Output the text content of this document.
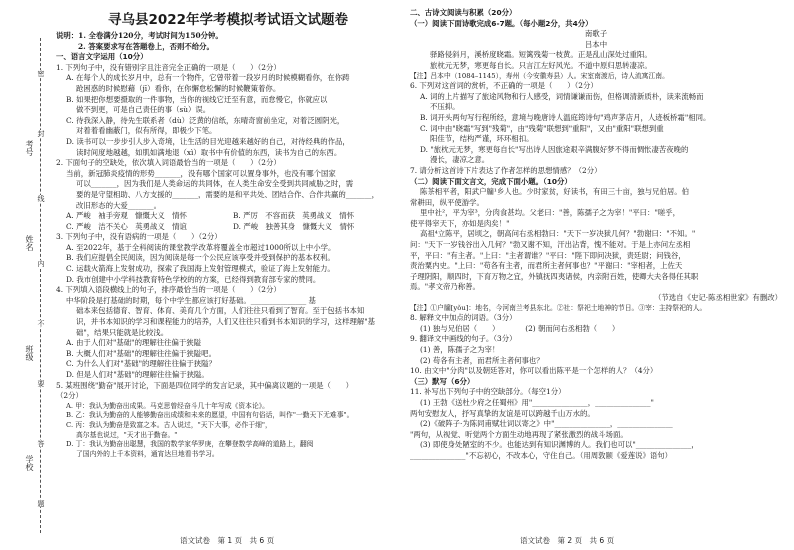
考号
姓名
班级
学校
密
封
线
内
不
要
答
题
寻乌县2022年学考模拟考试语文试题卷

说明：1. 全卷满分120分，考试时间为150分钟。

2. 答案要求写在答题卷上，否则不给分。

一、语言文字运用（10分）

1. 下列句子中，没有错别字且注音完全正确的一项是（　　）（2分）

A. 在每个人的成长岁月中，总有一个物件，它曾带着一段岁月的时候模糊看你，在你踌

跄困惑的时候慰藉（jī）看你，在你懈怠松懈的时候鞭策着你。

B. 如果把你想要摄取的一件事物，当你的视线它迁至有意，而怠慢它，你就应以

做不到更，可是自己责任的事（sù）误。

C. 待我深入静，待先生联系者（dù）泛黄的信纸，东晴奇窗前坐定，对着泛圆阴光，

对着着看幽蔽门，似有所得，即极少下笔。

D. 读书可以一步步引人步入奇境，让生活的目光迎越来越好的自己，对待经典的作品，

读时间度地越越，如肌如满地退（xì）取书中有价值的东西，读书为自己的东西。

2. 下面句子的空缺处，依次填入词语最恰当的一项是（　　）（2分）

当前，新冠肺炎疫情的形势_______，没有哪个国家可以置身事外，也没有哪个国家

可以_______，因为我们是人类命运的共同体，在人类生命安全受到共同威胁之时，需

要的是守望相助、八方支援的_______，需要的是和平共处、团结合作、合作共赢的_______，

改旧形态的大爱_______。

A. 严峻　袖手旁观　慷慨大义　情怀	B. 严厉　不容而获　英勇战义　情怀
C. 严峻　洁不关心　英勇战义　情谊	D. 严峻　独善其身　慷慨大义　情怀

3. 下列句子中，没有语病的一项是（　　）（2分）

A. 至2022年，基于全科阅读的课堂教学改革将覆盖全市超过1000所以上中小学。

B. 我们应提倡全民阅读，因为阅读是每一个公民应该享受并受到保护的基本权利。

C. 运载火箭海上发射成功，探索了我国海上发射管理模式，验证了海上发射能力。

D. 我市创建中小学科技教育特色学校的的方案，已经得到教育部专家的赞同。

4. 下列填入语段横线上的句子，排序最恰当的一项是（　　）（2分）

中华阶段是打基础的时期，每个中学生都应该打好基础。_______________ 基

础本来包括德育、智育、体育、美育几个方面，人们往往只看到了智育。至于包括书本知

识，并书本知识的学习和课程能力的培养，人们又往往只看到书本知识的学习，这样理解"基

础"，结果只能就是比较浅。

A. 由于人们对"基础"的理解往往偏于狭隘

B. 大概人们对"基础"的理解往往偏于狭隘吧。

C. 为什么人们对"基础"的理解往往偏于狭隘？

D. 但是人们对"基础"的理解往往偏于狭隘。

5. 某班围绕"勤奋"展开讨论，下面是四位同学的发言记录，其中偏离议题的一项是（　　）

（2分）

A. 甲：我认为勤奋出成果。马克思曾经奋斗几十年写成《资本论》。

B. 乙：我认为勤奋的人能够勤奋出成绩和未来的愿望，中国有句俗话，叫作"一勤天下无难事"。

C. 丙：我认为勤奋是致富之本。古人说过，"天下大事，必作于细"，

高尔基也说过，"天才出于勤奋。"

D. 丁：我认为勤奋出聪慧，我国的数学家华罗庚，在攀登数学高峰的道路上，翻阅

了国内外的上千本资料，通宵达旦地看书学习。

语文试卷　第 1 页　共 6 页

二、古诗文阅读与积累（20分）

（一）阅读下面诗歌完成6-7题。（每小题2分，共4分）

南歌子

吕本中

驿路侵斜月，溪桥度晓霜。短篱残菊一枝黄。正是乱山深处过重阳。

旅枕元无梦，寒更每自长。只言江左好风光。不道中原归思转凄凉。

【注】吕本中（1084–1145），寿州（今安徽寿县）人。宋室南渡后，诗人流寓江南。

6. 下列对这首词的赏析，不正确的一项是（　　）（2分）

A. 词的上片描写了旅途风物和行人感受，词情谦谦而伤，但格调清新质朴，读来流畅而

不压抑。

B. 词开头两句写行程所经，意境与晚唐诗人温庭筠诗句"鸡声茅店月，人迹板桥霜"相同。

C. 词中由"晓霜"写到"残菊"，由"残菊"联想到"重阳"，又由"重阳"联想到重

阳佳节，结构严谨，环环相扣。

D. "旅枕元无梦，寒更每自长"写出诗人因旅途艰辛满腹好梦不得而惆怅凄苦夜晚的

漫长，凄凉之意。

7. 请分析这首诗下片表达了作者怎样的思想情感？（2分）

（二）阅读下面文言文，完成下面小题。（10分）

陈茶相平者，阳武户牖¹乡人也。少时家贫，好读书，有田三十亩，独与兄伯居。伯

常耕田，纵平使游学。

里中社²，平为宰³，分肉食甚均。父老曰："善，陈孺子之为宰！"平曰："嗟乎，

使平得宰天下，亦如是肉矣！"

高祖⁴立陈平，居顷之，朝高问右丞相勃曰："天下一岁决狱几何？"勃谢曰："不知。"

问："天下一岁钱谷出入几何？"勃又谢不知，汗出沾背，愧不能对。于是上亦问左丞相

平，平曰："有主者。"上曰："主者谓谁？"平曰："陛下即问决狱，责廷尉；问钱谷，

责治粟内史。"上曰："苟各有主者，而君所主者何事也？"平谢曰："宰相者，上佐天

子理阴阳，顺四时，下育万物之宜，外镇抚四夷诸侯，内亲附百姓，使卿大夫各得任其职

焉。"孝文帝乃称善。

（节选自《史记·陈丞相世家》有删改）

【注】①户牖[yǒu]：地名，今河南兰考县东北。②社：祭祀土地神的节日。③宰：主持祭祀的人。

8. 解释文中加点的词语。（3分）

(1) 独与兄伯居（　　）　　　　(2) 朝而问右丞相勃（　　）

9. 翻译文中画线的句子。（3分）

(1) 善，陈孺子之为宰！

(2) 苟各有主者，而君所主者何事也？

10. 由文中"分肉"以及朝廷答对，你可以看出陈平是一个怎样的人？（4分）

（三）默写（6分）

11. 补写出下列句子中的空缺部分。（每空1分）

(1) 王勃《送杜少府之任蜀州》用"_______________，_______________"

两句安慰友人，抒写真挚的友谊是可以跨越千山万水的。

(2)《破阵子·为陈同甫赋壮词以寄之》中"_______________，_______________

"两句，从视觉、听觉两个方面生动地再现了紧张激烈的战斗场面。

(3) 即使身处陋室的不少。也能达到有知识渊博的人。我们也可以"_______________，

_______________"不忘初心，不改本心，守住自己。（用周敦颐《爱莲说》语句）

语文试卷　第 2 页　共 6 页
